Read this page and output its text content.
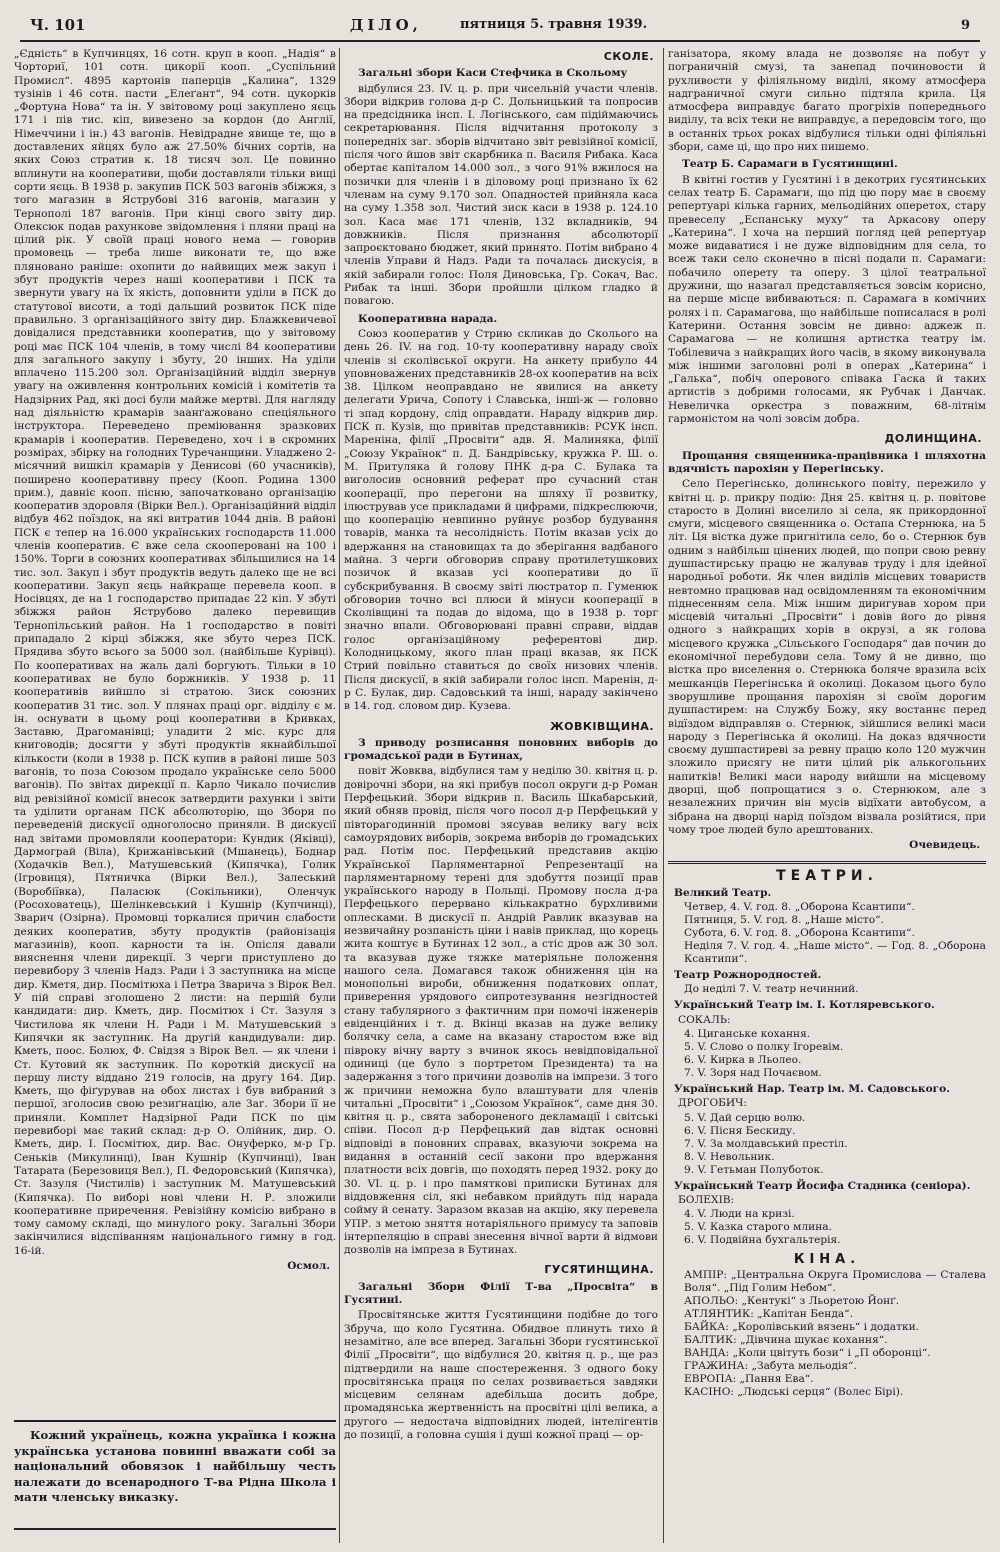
Ч. 101	ДІЛО,	пятниця 5. травня 1939.	9

„Єдність“ в Купчинцях, 16 сотн. круп в кооп. „Надія“ в Чорториї, 101 сотн. цикорії кооп. „Суспільний Промисл“. 4895 картонів паперців „Калина“, 1329 тузінів і 46 сотн. пасти „Елеґант“, 94 сотн. цукорків „Фортуна Нова“ та ін. У звітовому році закуплено яєць 171 і пів тис. кіп, вивезено за кордон (до Англії, Німеччини і ін.) 43 вагонів. Невідрадне явище те, що в доставлених яйцях було аж 27.50% бічних сортів, на яких Союз стратив к. 18 тисяч зол. Це повинно вплинути на кооперативи, щоби доставляли тільки вищі сорти яєць. В 1938 р. закупив ПСК 503 вагонів збіжжя, з того магазин в Яструбові 316 вагонів, магазин у Тернополі 187 вагонів. При кінці свого звіту дир. Олексюк подав рахункове звідомлення і пляни праці на цілий рік. У своїй праці нового нема — говорив промовець — треба лише виконати те, що вже пляновано раніше: охопити до найвищих меж закуп і збут продуктів через наші кооперативи і ПСК та звернути увагу на їх якість, доповнити уділи в ПСК до статутової висоти, а тоді дальший розвиток ПСК піде правильно. З організаційного звіту дир. Блажкевичевої довідалися представники кооператив, що у звітовому році має ПСК 104 членів, в тому числі 84 кооперативи для загального закупу і збуту, 20 інших. На уділи вплачено 115.200 зол. Організаційний відділ звернув увагу на оживлення контрольних комісій і комітетів та Надзірних Рад, які досі були майже мертві. Для нагляду над діяльністю крамарів заанґажовано спеціяльного інструктора. Переведено преміювання зразкових крамарів і кооператив. Переведено, хоч і в скромних розмірах, збірку на голодних Туречанщини. Уладжено 2-місячний вишкіл крамарів у Денисові (60 учасників), поширено кооперативну пресу (Кооп. Родина 1300 прим.), давніє кооп. пісню, започатковано організацію кооператив здоровля (Вірки Вел.). Організаційний відділ відбув 462 поїздок, на які витратив 1044 днів. В районі ПСК є тепер на 16.000 українських господарств 11.000 членів кооператив. Є вже села скооперовані на 100 і 150%. Торги в союзних кооперативах збільшилися на 14 тис. зол. Закуп і збут продуктів ведуть далеко ще не всі кооперативи. Закуп яєць найкраще перевела кооп. в Носівцях, де на 1 господарство припадає 22 кіп. У збуті збіжжя район Яструбово далеко перевищив Тернопільський район. На 1 господарство в повіті припадало 2 кірці збіжжя, яке збуто через ПСК. Прядива збуто всього за 5000 зол. (найбільше Курівці). По кооперативах на жаль далі боргують. Тільки в 10 кооперативах не було боржників. У 1938 р. 11 кооперативів вийшло зі стратою. Зиск союзних кооператив 31 тис. зол. У плянах праці орг. відділу є м. ін. оснувати в цьому році кооперативи в Кривках, Заставю, Драгоманівці; уладити 2 міс. курс для книговодів; досягти у збуті продуктів якнайбільшої кількости (коли в 1938 р. ПСК купив в районі лише 503 вагонів, то поза Союзом продало українське село 5000 вагонів). По звітах дирекції п. Карло Чикало почислив від ревізійної комісії внесок затвердити рахунки і звіти та уділити органам ПСК абсолюторію, що Збори по переведеній дискусії одноголосно приняли. В дискусії над звітами промовляли кооператори: Кундик (Яківці), Дармограй (Віла), Крижанівський (Мшанець), Боднар (Ходачків Вел.), Матушевський (Кипячка), Голик (Ігровиця), Пятничка (Вірки Вел.), Залеський (Воробіївка), Паласюк (Сокільники), Оленчук (Росоховатець), Шелінкевський і Кушнір (Купчинці), Зварич (Озірна). Промовці торкалися причин слабости деяких кооператив, збуту продуктів (районізація магазинів), кооп. карности та ін. Опісля давали вияснення члени дирекції. З черги приступлено до перевибору 3 членів Надз. Ради і 3 заступника на місце дир. Кметя, дир. Посмітюха і Петра Зварича з Вірок Вел. У пій справі зголошено 2 листи: на першій були кандидати: дир. Кметь, дир. Посмітюх і Ст. Зазуля з Чистилова як члени Н. Ради і М. Матушевський з Кипячки як заступник. На другій кандидували: дир. Кметь, поос. Болюх, Ф. Свідзя з Вірок Вел. — як члени і Ст. Кутовий як заступник. По короткій дискусії на першу листу віддано 219 голосів, на другу 164. Дир. Кметь, що фіґурував на обох листах і був вибраний з першої, зголосив свою резиґнацію, але Заг. Збори її не приняли. Комплет Надзірної Ради ПСК по цім перевиборі має такий склад: д-р О. Олійник, дир. О. Кметь, дир. І. Посмітюх, дир. Вас. Онуферко, м-р Гр. Сеньків (Микулинці), Іван Кушнір (Купчинці), Іван Татарата (Березовиця Вел.), П. Федоровський (Кипячка), Ст. Зазуля (Чистилів) і заступник М. Матушевський (Кипячка). По виборі нові члени Н. Р. зложили кооперативне приречення. Ревізійну комісію вибрано в тому самому складі, що минулого року. Загальні Збори закінчилися відспіванням національного гимну в год. 16-ій.

Осмол.
Кожний українець, кожна українка і кожна українська установа повинні вважати собі за національний обовязок і найбільшу честь належати до всенародного Т-ва Рідна Школа і мати членську виказку.
СКОЛЕ.
Загальні збори Каси Стефчика в Скольому

відбулися 23. IV. ц. р. при чисельній участи членів. Збори відкрив голова д-р С. Дольницький та попросив на предсідника інсп. І. Логінського, сам підіймаючись секретарювання. Після відчитання протоколу з попередніх заг. зборів відчитано звіт ревізійної комісії, після чого йшов звіт скарбника п. Василя Рибака. Каса обертає капіталом 14.000 зол., з чого 91% вжилося на позички для членів і в діловому році признано їх 62 членам на суму 9.170 зол. Опадностей прийняла каса на суму 1.358 зол. Чистий зиск каси в 1938 р. 124.10 зол. Каса має 171 членів, 132 вкладників, 94 довжників. Після признання абсолюторії запроєктовано бюджет, який принято. Потім вибрано 4 членів Управи й Надз. Ради та почалась дискусія, в якій забирали голос: Поля Диновська, Гр. Сокач, Вас. Рибак та інші. Збори пройшли цілком гладко й повагою.

Кооперативна нарада.

Союз кооператив у Стрию скликав до Сколього на день 26. IV. на год. 10-ту кооперативну нараду своїх членів зі сколівської округи. На анкету прибуло 44 уповноважених представників 28-ох кооператив на всіх 38. Цілком неоправдано не явилися на анкету делегати Урича, Сопоту і Славська, інші-ж — головно ті зпад кордону, слід оправдати. Нараду відкрив дир. ПСК п. Кузів, що привітав представників: РСУК інсп. Мареніна, філії „Просвіти“ адв. Я. Малиняка, філії „Союзу Українок“ п. Д. Бандрівську, кружка Р. Ш. о. М. Притуляка й голову ПНК д-ра С. Булака та виголосив основний реферат про сучасний стан кооперації, про перегони на шляху її розвитку, ілюстрував усе прикладами й цифрами, підкреслюючи, що кооперацію невпинно руйнує розбор будування товарів, манка та несолідність. Потім вказав усіх до вдержання на становищах та до зберігання вадбаного майна. З черги обговорив справу протилетушкових позичок й вказав усі кооперативи до її субскрибування. В своєму звіті люстратор п. Гуменюк обговорив точно всі плюси й мінуси кооперації в Сколівщині та подав до відома, що в 1938 р. торг значно впали. Обговорювані правні справи, віддав голос організаційному референтові дир. Колодницькому, якого план праці вказав, як ПСК Стрий повільно ставиться до своїх низових членів. Після дискусії, в якій забирали голос інсп. Маренін, д-р С. Булак, дир. Садовський та інші, нараду закінчено в 14. год. словом дир. Кузева.

ЖОВКІВЩИНА.
З приводу розписання поновних виборів до громадської ради в Бутинах,

повіт Жовква, відбулися там у неділю 30. квітня ц. р. довірочні збори, на які прибув посол округи д-р Роман Перфецький. Збори відкрив п. Василь Шкабарський, який обняв провід, після чого посол д-р Перфецький у півторагодинній промові зясував велику вагу всіх самоурядових виборів, зокрема виборів до громадських рад. Потім пос. Перфецький представив акцію Української Парляментарної Репрезентації на парляментарному терені для здобуття позиції прав українського народу в Польщі. Промову посла д-ра Перфецького перервано кількакратно бурхливими оплесками. В дискусії п. Андрій Равлик вказував на незвичайну розпаність ціни і навів приклад, що корець жита коштує в Бутинах 12 зол., а стіс дров аж 30 зол. та вказував дуже тяжке матеріяльне положення нашого села. Домагався також обниження цін на монопольні вироби, обниження податкових оплат, приверення урядового сипротезування незгідностей стану табулярного з фактичним при помочі інженерів евіденційних і т. д. Вкінці вказав на дуже велику болячку села, а саме на вказану старостом вже від півроку вічну варту з вчинок якось невідповідальної одиниці (це було з портретом Президента) та на задержання з того причини дозволів на імпрези. З того ж причини неможна було влаштувати для членів читальні „Просвіти“ і „Союзом Українок“, саме дня 30. квітня ц. р., свята забороненого декламації і світські співи. Посол д-р Перфецький дав відтак основні відповіді в поновних справах, вказуючи зокрема на видання в останній сесії закони про вдержання платности всіх довгів, що походять перед 1932. року до 30. VI. ц. р. і про памяткові приписки Бутинах для віддовження сіл, які небавком прийдуть під нарада сойму й сенату. Заразом вказав на акцію, яку перевела УПР. з метою зняття нотаріяльного примусу та заповів інтерпеляцію в справі знесення вічної варти й відмови дозволів на імпреза в Бутинах.

ГУСЯТИНЩИНА.
Загальні Збори Філії Т-ва „Просвіта“ в Гусятині.

Просвітянське життя Гусятинщини подібне до того Збруча, що коло Гусятина. Обидвое плинуть тихо й незамітно, але все вперед. Загальні Збори гусятинської Філії „Просвіти“, що відбулися 20. квітня ц. р., ще раз підтвердили на наше спостереження. З одного боку просвітянська праця по селах розвивається завдяки місцевим селянам адебільша досить добре, промадянська жертвенність на просвітні цілі велика, а другого — недостача відповідних людей, інтелігентів до позиції, а головна сушія і душі кожної праці — ор-

ганізатора, якому влада не дозволяє на побут у пограничній смузі, та занепад починовости й рухливости у філіяльному виділі, якому атмосфера надграничної смуги сильно підтяла крила. Ця атмосфера виправдує багато прогріхів попереднього виділу, та всіх теки не виправдує, а передовсім того, що в останніх трьох роках відбулися тільки одні філіяльні збори, саме ці, що про них пишемо.

Театр Б. Сарамаги в Гусятинщині.

В квітні гостив у Гусятині і в декотрих гусятинських селах театр Б. Сарамаги, що під цю пору має в своєму репертуарі кілька гарних, мельодійних оперетох, стару превеселу „Еспанську муху“ та Аркасову оперу „Катерина“. І хоча на перший погляд цей репертуар може видаватися і не дуже відповідним для села, то всеж таки село сконечно в пісні подали п. Сарамаги: побачило оперету та оперу. З цілої театральної дружини, що назагал представляється зовсім корисно, на перше місце вибиваються: п. Сарамага в комічних ролях і п. Сарамагова, що найбільше пописалася в ролі Катерини. Остання зовсім не дивно: аджеж п. Сарамагова — не колишня артистка театру ім. Тобілевича з найкращих його часів, в якому виконувала між іншими заголовні ролі в операх „Катерина“ і „Галька“, побіч оперового співака Гаска й таких артистів з добрими голосами, як Рубчак і Данчак. Невеличка оркестра з поважним, 68-літнім гармоністом на чолі зовсім добра.

ДОЛИНЩИНА.
Прощання священника-працівника і шляхотна вдячність парохіян у Перегінську.

Село Перегінсько, долинського повіту, пережило у квітні ц. р. прикру подію: Дня 25. квітня ц. р. повітове старосто в Долині виселило зі села, як прикордонної смуги, місцевого священника о. Остапа Стернюка, на 5 літ. Ця вістка дуже пригнітила село, бо о. Стернюк був одним з найбільш цінених людей, що попри свою ревну душпастирську працю не жалував труду і для ідейної народньої роботи. Як член виділів місцевих товариств невтомно працював над освідомленням та економічним піднесенням села. Між іншим диригував хором при місцевій читальні „Просвіти“ і довів його до рівня одного з найкращих хорів в окрузі, а як голова місцевого кружка „Сільського Господаря“ дав почин до економічної перебудови села. Тому й не дивно, що вістка про виселення о. Стернюка боляче вразила всіх мешканців Перегінська й околиці. Доказом цього було зворушливе прощання парохіян зі своїм дорогим душпастирем: на Службу Божу, яку востаннє перед відїздом відправляв о. Стернюк, зійшлися великі маси народу з Перегінська й околиці. На доказ вдячности своєму душпастиреві за ревну працю коло 120 мужчин зложило присягу не пити цілий рік алькогольних напитків! Великі маси народу вийшли на місцевому дворці, щоб попрощатися з о. Стернюком, але з незалежних причин він мусів відїхати автобусом, а зібрана на дворці нарід поїздом візвала розійтися, при чому трое людей було арештованих.

Очевидець.
ТЕАТРИ.
Великий Театр.
Четвер, 4. V. год. 8. „Оборона Ксантипи“.
Пятниця, 5. V. год. 8. „Наше місто“.
Субота, 6. V. год. 8. „Оборона Ксантипи“.
Неділя 7. V. год. 4. „Наше місто“. — Год. 8. „Оборона Ксантипи“.
Театр Рожнородностей.
До неділі 7. V. театр нечинний.
Український Театр ім. І. Котляревського.
СОКАЛЬ:
4. Циганське кохання.
5. V. Слово о полку Ігоревім.
6. V. Кирка в Льолео.
7. V. Зоря над Почаєвом.
Український Нар. Театр ім. М. Садовського.
ДРОГОБИЧ:
5. V. Дай серцю волю.
6. V. Пісня Бескиду.
7. V. За молдавський престіл.
8. V. Невольник.
9. V. Гетьман Полуботок.
Український Театр Йосифа Стадника (сеніора).
БОЛЕХІВ:
4. V. Люди на кризі.
5. V. Казка старого млина.
6. V. Подвійна бухгальтерія.
КІНА.
АМПІР: „Центральна Округа Промислова — Сталева Воля“. „Під Голим Небом“.
АПОЛЬО: „Кентукі“ з Льоретою Йонґ.
АТЛЯНТИК: „Капітан Бенда“.
БАЙКА: „Королівський вязень“ і додатки.
БАЛТИК: „Дівчина шукає кохання“.
ВАНДА: „Коли цвітуть бози“ і „П оборонці“.
ГРАЖИНА: „Забута мельодія“.
ЕВРОПА: „Пання Ева“.
КАСІНО: „Людські серця“ (Волес Бірі).
